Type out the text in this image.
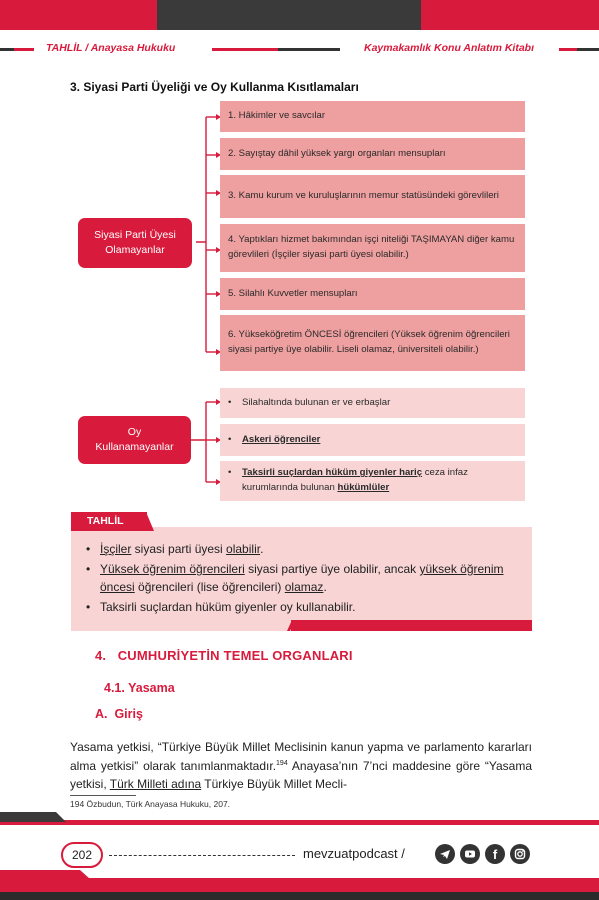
TAHLİL / Anayasa Hukuku	Kaymakamlık Konu Anlatım Kitabı
3. Siyasi Parti Üyeliği ve Oy Kullanma Kısıtlamaları
Siyasi Parti Üyesi Olamayanlar
1. Hâkimler ve savcılar
2. Sayıştay dâhil yüksek yargı organları mensupları
3. Kamu kurum ve kuruluşlarının memur statüsündeki görevlileri
4. Yaptıkları hizmet bakımından işçi niteliği TAŞIMAYAN diğer kamu görevlileri (İşçiler siyasi parti üyesi olabilir.)
5. Silahlı Kuvvetler mensupları
6. Yükseköğretim ÖNCESİ öğrencileri (Yüksek öğrenim öğrencileri siyasi partiye üye olabilir. Liseli olamaz, üniversiteli olabilir.)
Oy Kullanamayanlar
• Silahaltında bulunan er ve erbaşlar
• Askeri öğrenciler
•	Taksirli suçlardan hüküm giyenler hariç ceza infaz kurumlarında bulunan hükümlüler
TAHLİL
• İşçiler siyasi parti üyesi olabilir.
• Yüksek öğrenim öğrencileri siyasi partiye üye olabilir, ancak yüksek öğrenim öncesi öğrencileri (lise öğrencileri) olamaz.
• Taksirli suçlardan hüküm giyenler oy kullanabilir.
4. CUMHURİYETİN TEMEL ORGANLARI
4.1. Yasama
A. Giriş
Yasama yetkisi, “Türkiye Büyük Millet Meclisinin kanun yapma ve parlamento kararları alma yetkisi” olarak tanımlanmaktadır.$^{194}$ Anayasa’nın 7’nci maddesine göre “Yasama yetkisi, Türk Milleti adına Türkiye Büyük Millet Mecli-
194 Özbudun, Türk Anayasa Hukuku, 207.
202	mevzuatpodcast /	f
